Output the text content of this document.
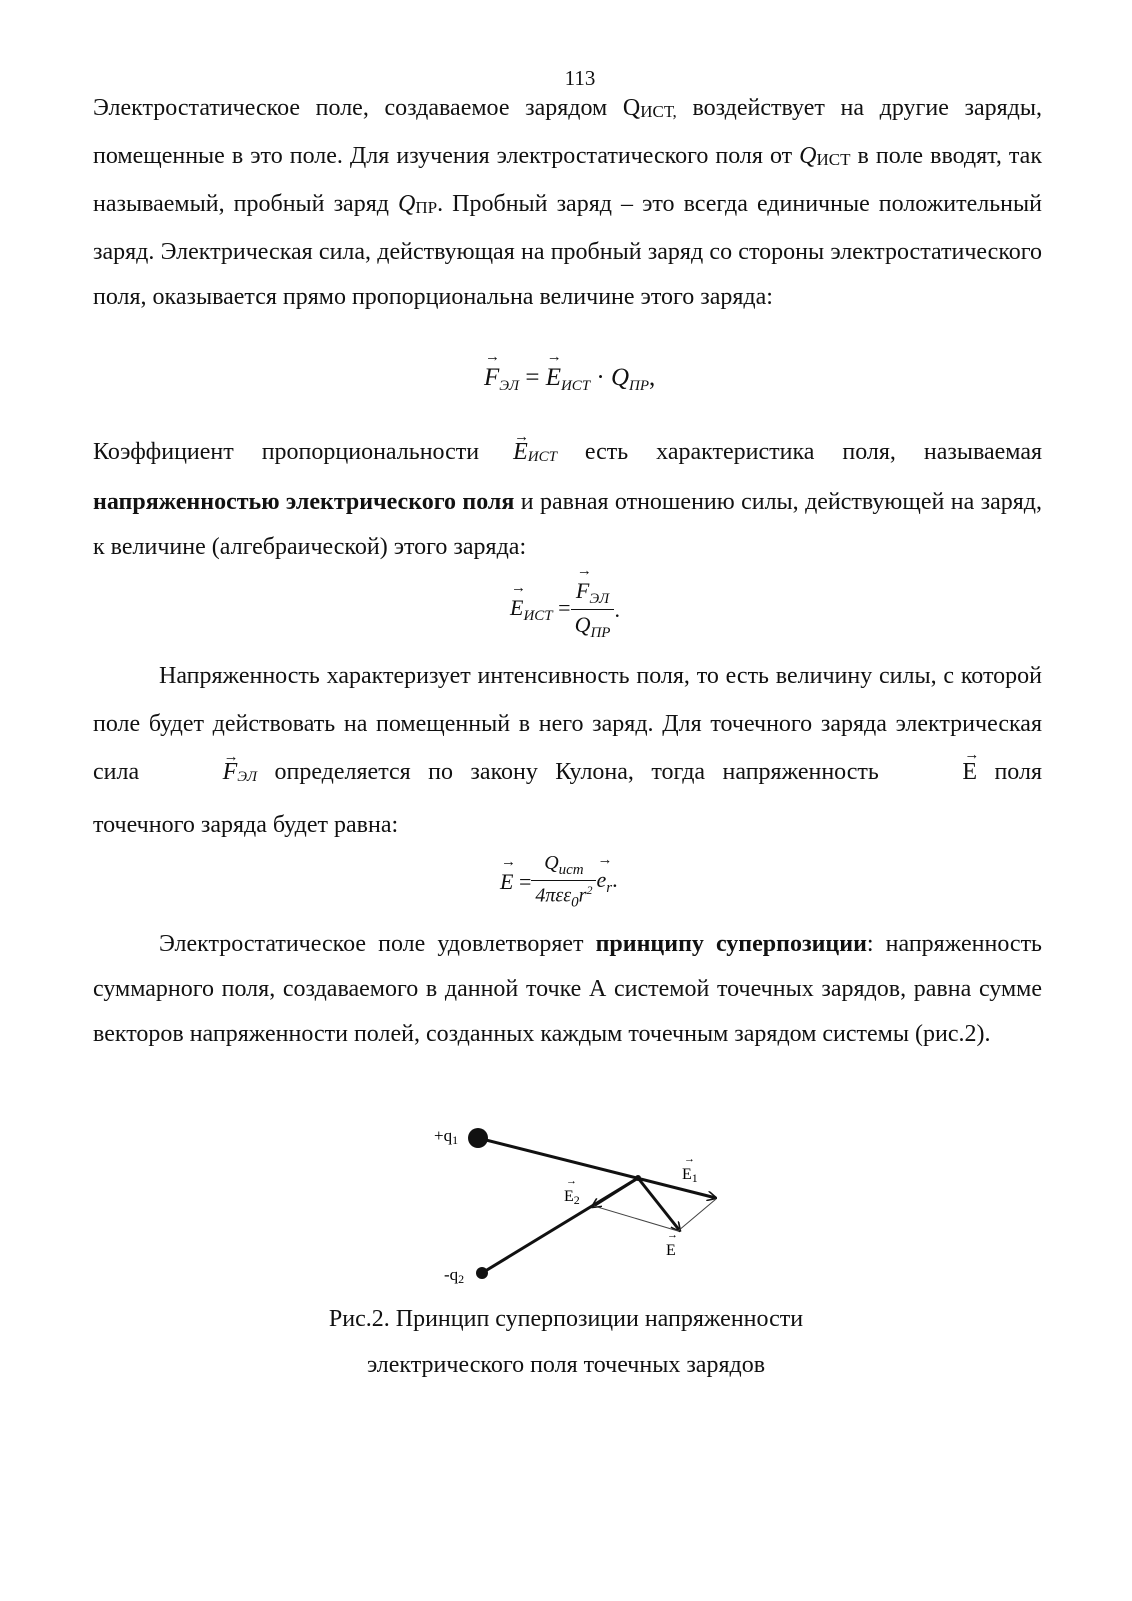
113

Электростатическое поле, создаваемое зарядом QИСТ, воздействует на другие заряды, помещенные в это поле. Для изучения электростатического поля от QИСТ в поле вводят, так называемый, пробный заряд QПР. Пробный заряд – это всегда единичные положительный заряд. Электрическая сила, действующая на пробный заряд со стороны электростатического поля, оказывается прямо пропорциональна величине этого заряда:

→ $F_{ЭЛ}$ = → $E_{ИСТ} \cdot Q_{ПР}$,

Коэффициент пропорциональности → EИСТ есть характеристика поля, называемая напряженностью электрического поля и равная отношению силы, действующей на заряд, к величине (алгебраической) этого заряда:

→ $E_{ИСТ}$ =
→ $\frac{F_{ЭЛ}}{Q_{ПР}}$ .

Напряженность характеризует интенсивность поля, то есть величину силы, с которой поле будет действовать на помещенный в него заряд. Для точечного заряда электрическая сила →	FЭЛ определяется по закону Кулона, тогда напряженность →	E поля точечного заряда будет равна:

→ $E = \frac{Q_{ист}}{4\pi\varepsilon\varepsilon_0r^2}$
→ $e_r$.

Электростатическое поле удовлетворяет принципу суперпозиции: напряженность суммарного поля, создаваемого в данной точке А системой точечных зарядов, равна сумме векторов напряженности полей, созданных каждым точечным зарядом системы (рис.2).

+q1
-q2
E1
→
E2
→
E
→
Рис.2. Принцип суперпозиции напряженности
электрического поля точечных зарядов
